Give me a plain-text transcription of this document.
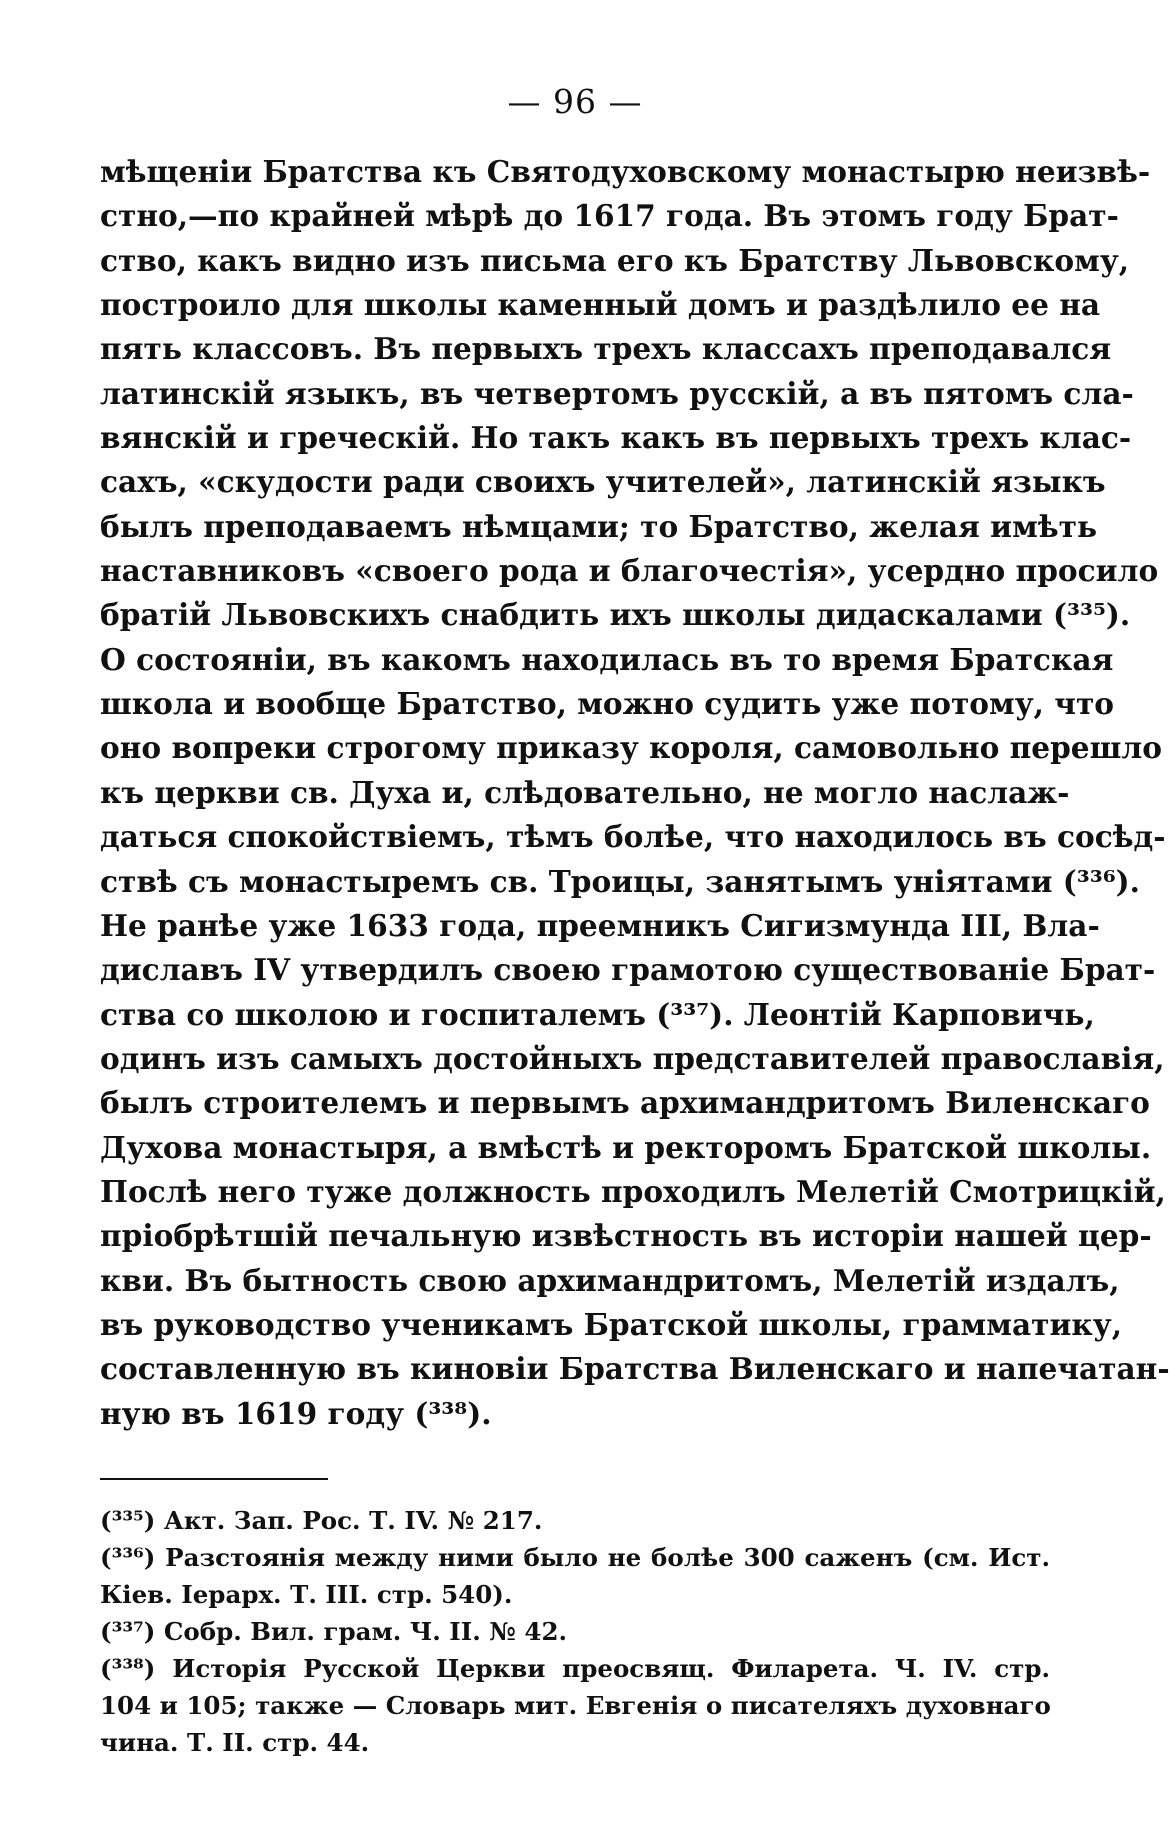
— 96 —
мѣщеніи Братства къ Святодуховскому монастырю неизвѣ-
стно,—по крайней мѣрѣ до 1617 года. Въ этомъ году Брат-
ство, какъ видно изъ письма его къ Братству Львовскому,
построило для школы каменный домъ и раздѣлило ее на
пять классовъ. Въ первыхъ трехъ классахъ преподавался
латинскій языкъ, въ четвертомъ русскій, а въ пятомъ сла-
вянскій и греческій. Но такъ какъ въ первыхъ трехъ клас-
сахъ, «скудости ради своихъ учителей», латинскій языкъ
былъ преподаваемъ нѣмцами; то Братство, желая имѣть
наставниковъ «своего рода и благочестія», усердно просило
братій Львовскихъ снабдить ихъ школы дидаскалами (³³⁵).
О состояніи, въ какомъ находилась въ то время Братская
школа и вообще Братство, можно судить уже потому, что
оно вопреки строгому приказу короля, самовольно перешло
къ церкви св. Духа и, слѣдовательно, не могло наслаж-
даться спокойствіемъ, тѣмъ болѣе, что находилось въ сосѣд-
ствѣ съ монастыремъ св. Троицы, занятымъ уніятами (³³⁶).
Не ранѣе уже 1633 года, преемникъ Сигизмунда III, Вла-
диславъ IV утвердилъ своею грамотою существованіе Брат-
ства со школою и госпиталемъ (³³⁷). Леонтій Карповичь,
одинъ изъ самыхъ достойныхъ представителей православія,
былъ строителемъ и первымъ архимандритомъ Виленскаго
Духова монастыря, а вмѣстѣ и ректоромъ Братской школы.
Послѣ него туже должность проходилъ Мелетій Смотрицкій,
пріобрѣтшій печальную извѣстность въ исторіи нашей цер-
кви. Въ бытность свою архимандритомъ, Мелетій издалъ,
въ руководство ученикамъ Братской школы, грамматику,
составленную въ киновіи Братства Виленскаго и напечатан-
ную въ 1619 году (³³⁸).
(³³⁵) Акт. Зап. Рос. Т. IV. № 217.
(³³⁶) Разстоянія между ними было не болѣе 300 саженъ (см. Ист.
Кіев. Іерарх. Т. III. стр. 540).
(³³⁷) Собр. Вил. грам. Ч. II. № 42.
(³³⁸) Исторія Русской Церкви преосвящ. Филарета. Ч. IV. стр.
104 и 105; также — Словарь мит. Евгенія о писателяхъ духовнаго
чина. Т. II. стр. 44.
